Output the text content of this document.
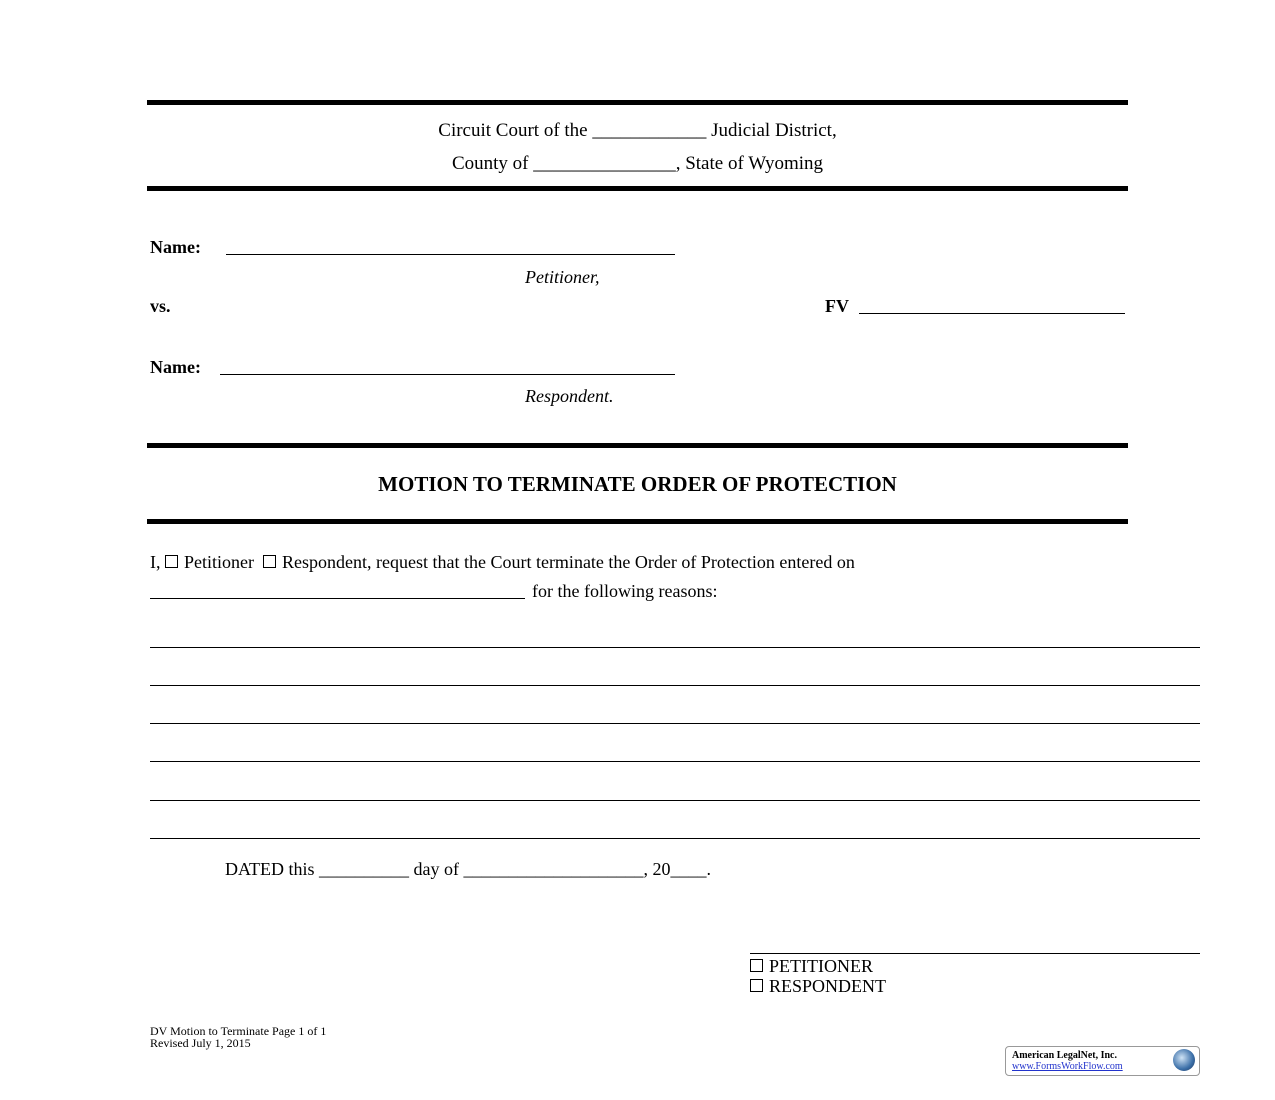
Circuit Court of the ____________ Judicial District,
County of _______________, State of Wyoming
Name:
Petitioner,
vs.	FV
Name:
Respondent.
MOTION TO TERMINATE ORDER OF PROTECTION
I, Petitioner Respondent, request that the Court terminate the Order of Protection entered on
for the following reasons:
DATED this __________ day of ____________________, 20____.
PETITIONER
RESPONDENT
DV Motion to Terminate Page 1 of 1
Revised July 1, 2015
American LegalNet, Inc.
www.FormsWorkFlow.com
